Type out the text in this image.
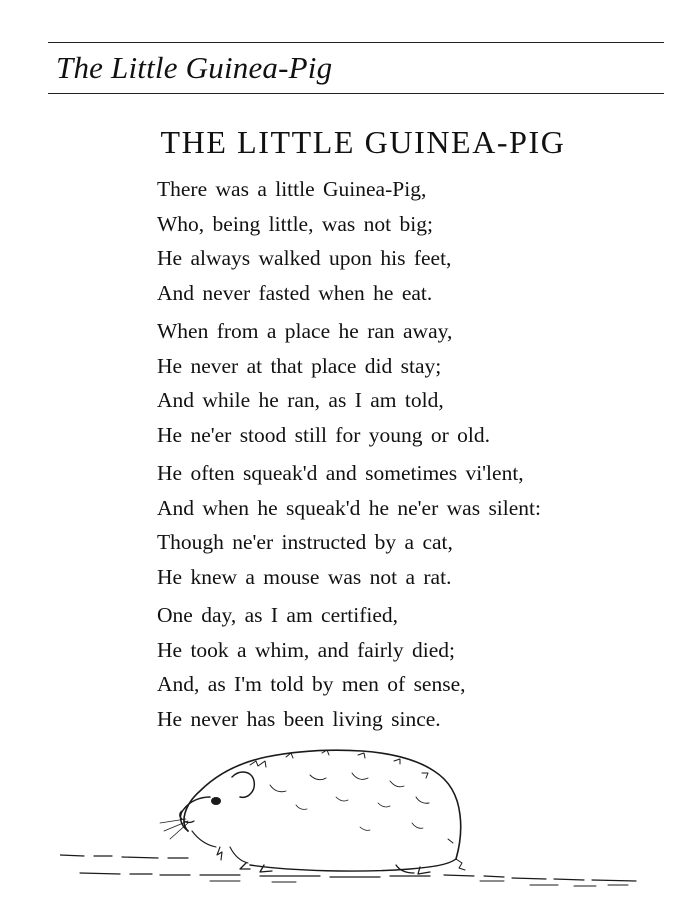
The Little Guinea-Pig
THE LITTLE GUINEA-PIG
There was a little Guinea-Pig,
Who, being little, was not big;
He always walked upon his feet,
And never fasted when he eat.
When from a place he ran away,
He never at that place did stay;
And while he ran, as I am told,
He ne'er stood still for young or old.
He often squeak'd and sometimes vi'lent,
And when he squeak'd he ne'er was silent:
Though ne'er instructed by a cat,
He knew a mouse was not a rat.
One day, as I am certified,
He took a whim, and fairly died;
And, as I'm told by men of sense,
He never has been living since.
